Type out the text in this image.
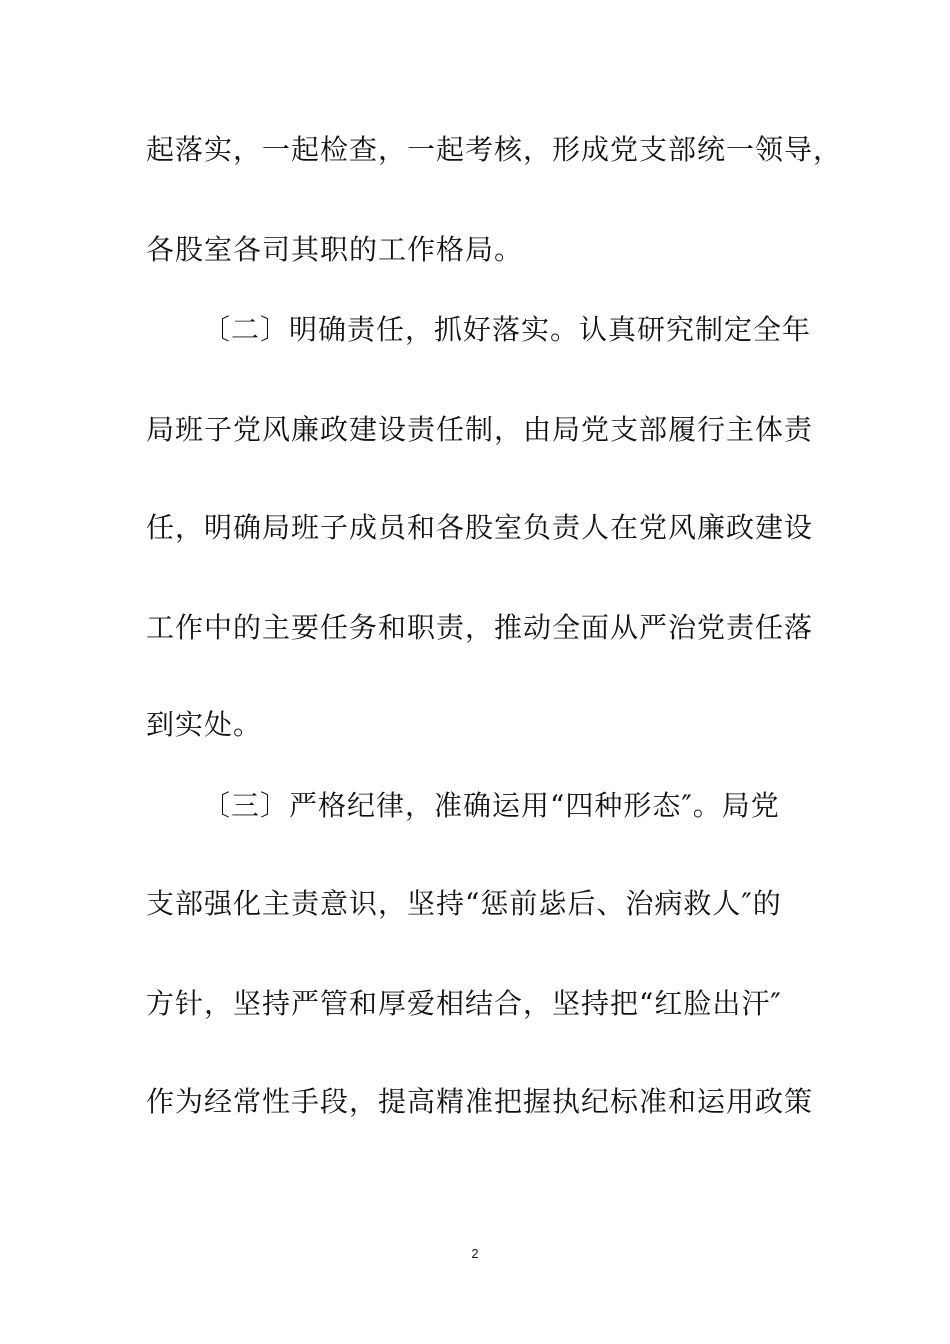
起落实，一起检查，一起考核，形成党支部统一领导，
各股室各司其职的工作格局。
〔二〕明确责任，抓好落实。认真研究制定全年
局班子党风廉政建设责任制，由局党支部履行主体责
任，明确局班子成员和各股室负责人在党风廉政建设
工作中的主要任务和职责，推动全面从严治党责任落
到实处。
〔三〕严格纪律，准确运用“四种形态″。局党
支部强化主责意识，坚持“惩前毖后、治病救人″的
方针，坚持严管和厚爱相结合，坚持把“红脸出汗″
作为经常性手段，提高精准把握执纪标准和运用政策
2
